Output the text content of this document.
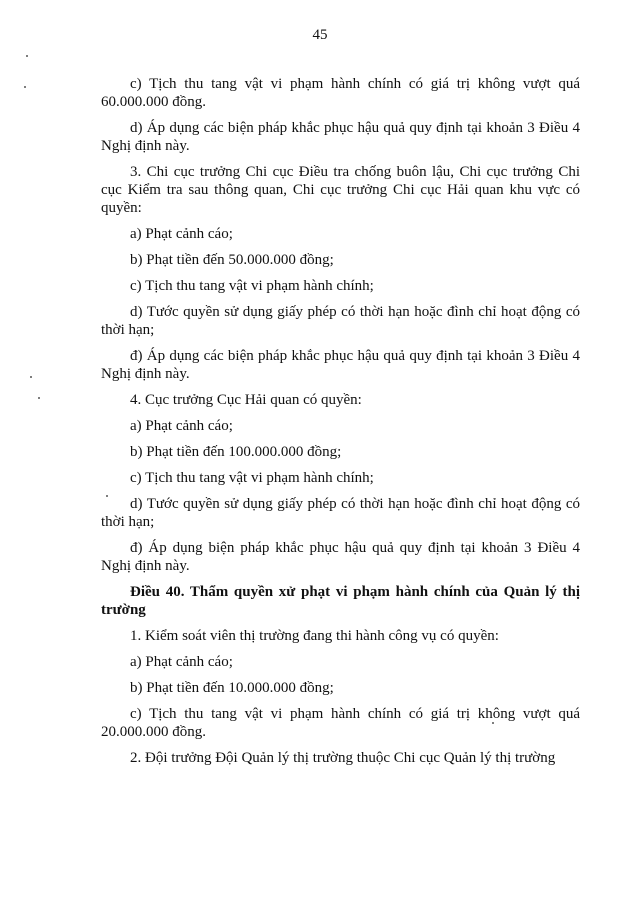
45

c) Tịch thu tang vật vi phạm hành chính có giá trị không vượt quá 60.000.000 đồng.

d) Áp dụng các biện pháp khắc phục hậu quả quy định tại khoản 3 Điều 4 Nghị định này.

3. Chi cục trưởng Chi cục Điều tra chống buôn lậu, Chi cục trưởng Chi cục Kiểm tra sau thông quan, Chi cục trưởng Chi cục Hải quan khu vực có quyền:

a) Phạt cảnh cáo;

b) Phạt tiền đến 50.000.000 đồng;

c) Tịch thu tang vật vi phạm hành chính;

d) Tước quyền sử dụng giấy phép có thời hạn hoặc đình chỉ hoạt động có thời hạn;

đ) Áp dụng các biện pháp khắc phục hậu quả quy định tại khoản 3 Điều 4 Nghị định này.

4. Cục trưởng Cục Hải quan có quyền:

a) Phạt cảnh cáo;

b) Phạt tiền đến 100.000.000 đồng;

c) Tịch thu tang vật vi phạm hành chính;

d) Tước quyền sử dụng giấy phép có thời hạn hoặc đình chỉ hoạt động có thời hạn;

đ) Áp dụng biện pháp khắc phục hậu quả quy định tại khoản 3 Điều 4 Nghị định này.

Điều 40. Thẩm quyền xử phạt vi phạm hành chính của Quản lý thị trường

1. Kiểm soát viên thị trường đang thi hành công vụ có quyền:

a) Phạt cảnh cáo;

b) Phạt tiền đến 10.000.000 đồng;

c) Tịch thu tang vật vi phạm hành chính có giá trị không vượt quá 20.000.000 đồng.

2. Đội trưởng Đội Quản lý thị trường thuộc Chi cục Quản lý thị trường
